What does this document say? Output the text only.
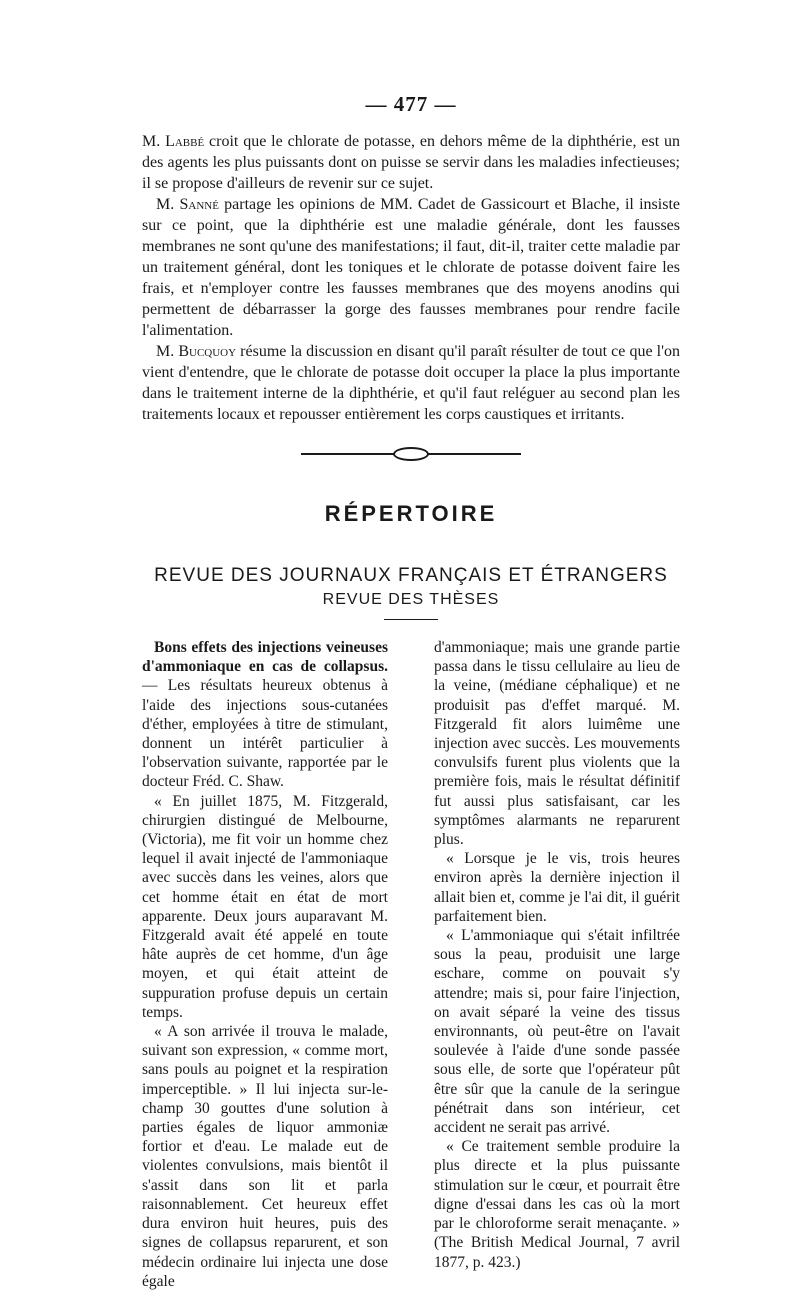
— 477 —

M. Labbé croit que le chlorate de potasse, en dehors même de la diphthérie, est un des agents les plus puissants dont on puisse se servir dans les maladies infectieuses; il se propose d'ailleurs de revenir sur ce sujet.

M. Sanné partage les opinions de MM. Cadet de Gassicourt et Blache, il insiste sur ce point, que la diphthérie est une maladie générale, dont les fausses membranes ne sont qu'une des manifestations; il faut, dit-il, traiter cette maladie par un traitement général, dont les toniques et le chlorate de potasse doivent faire les frais, et n'employer contre les fausses membranes que des moyens anodins qui permettent de débarrasser la gorge des fausses membranes pour rendre facile l'alimentation.

M. Bucquoy résume la discussion en disant qu'il paraît résulter de tout ce que l'on vient d'entendre, que le chlorate de potasse doit occuper la place la plus importante dans le traitement interne de la diphthérie, et qu'il faut reléguer au second plan les traitements locaux et repousser entièrement les corps caustiques et irritants.

RÉPERTOIRE
REVUE DES JOURNAUX FRANÇAIS ET ÉTRANGERS
REVUE DES THÈSES

Bons effets des injections veineuses d'ammoniaque en cas de collapsus. — Les résultats heureux obtenus à l'aide des injections sous-cutanées d'éther, employées à titre de stimulant, donnent un intérêt particulier à l'observation suivante, rapportée par le docteur Fréd. C. Shaw.

« En juillet 1875, M. Fitzgerald, chirurgien distingué de Melbourne, (Victoria), me fit voir un homme chez lequel il avait injecté de l'ammoniaque avec succès dans les veines, alors que cet homme était en état de mort apparente. Deux jours auparavant M. Fitzgerald avait été appelé en toute hâte auprès de cet homme, d'un âge moyen, et qui était atteint de suppuration profuse depuis un certain temps.

« A son arrivée il trouva le malade, suivant son expression, « comme mort, sans pouls au poignet et la respiration imperceptible. » Il lui injecta sur-le-champ 30 gouttes d'une solution à parties égales de liquor ammoniæ fortior et d'eau. Le malade eut de violentes convulsions, mais bientôt il s'assit dans son lit et parla raisonnablement. Cet heureux effet dura environ huit heures, puis des signes de collapsus reparurent, et son médecin ordinaire lui injecta une dose égale

d'ammoniaque; mais une grande partie passa dans le tissu cellulaire au lieu de la veine, (médiane céphalique) et ne produisit pas d'effet marqué. M. Fitzgerald fit alors luimême une injection avec succès. Les mouvements convulsifs furent plus violents que la première fois, mais le résultat définitif fut aussi plus satisfaisant, car les symptômes alarmants ne reparurent plus.

« Lorsque je le vis, trois heures environ après la dernière injection il allait bien et, comme je l'ai dit, il guérit parfaitement bien.

« L'ammoniaque qui s'était infiltrée sous la peau, produisit une large eschare, comme on pouvait s'y attendre; mais si, pour faire l'injection, on avait séparé la veine des tissus environnants, où peut-être on l'avait soulevée à l'aide d'une sonde passée sous elle, de sorte que l'opérateur pût être sûr que la canule de la seringue pénétrait dans son intérieur, cet accident ne serait pas arrivé.

« Ce traitement semble produire la plus directe et la plus puissante stimulation sur le cœur, et pourrait être digne d'essai dans les cas où la mort par le chloroforme serait menaçante. » (The British Medical Journal, 7 avril 1877, p. 423.)
